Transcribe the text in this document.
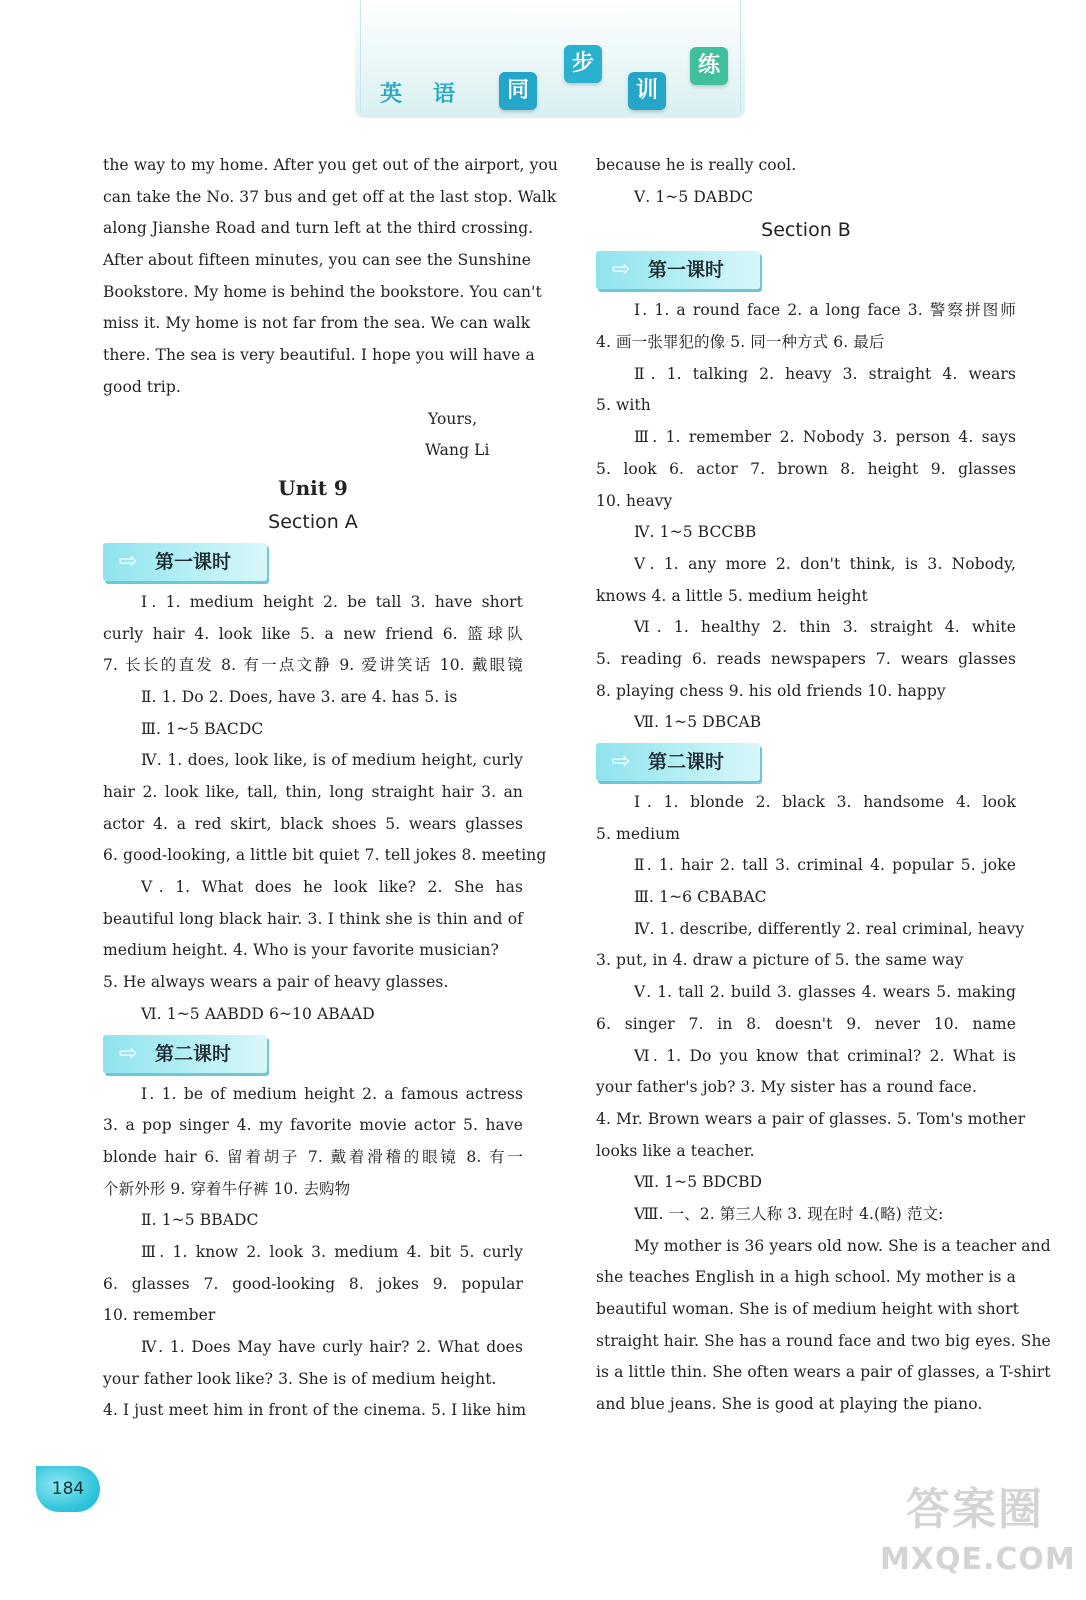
英 语	同
步
训
练
the way to my home. After you get out of the airport, you
can take the No. 37 bus and get off at the last stop. Walk
along Jianshe Road and turn left at the third crossing.
After about fifteen minutes, you can see the Sunshine
Bookstore. My home is behind the bookstore. You can't
miss it. My home is not far from the sea. We can walk
there. The sea is very beautiful. I hope you will have a
good trip.
Yours,
Wang Li
Unit 9
Section A
⇨ 第一课时
Ⅰ. 1. medium height 2. be tall 3. have short
curly hair 4. look like 5. a new friend 6. 篮球队
7. 长长的直发 8. 有一点文静 9. 爱讲笑话 10. 戴眼镜
Ⅱ. 1. Do 2. Does, have 3. are 4. has 5. is
Ⅲ. 1~5 BACDC
Ⅳ. 1. does, look like, is of medium height, curly
hair 2. look like, tall, thin, long straight hair 3. an
actor 4. a red skirt, black shoes 5. wears glasses
6. good-looking, a little bit quiet 7. tell jokes 8. meeting
Ⅴ. 1. What does he look like? 2. She has
beautiful long black hair. 3. I think she is thin and of
medium height. 4. Who is your favorite musician?
5. He always wears a pair of heavy glasses.
Ⅵ. 1~5 AABDD 6~10 ABAAD
⇨ 第二课时
Ⅰ. 1. be of medium height 2. a famous actress
3. a pop singer 4. my favorite movie actor 5. have
blonde hair 6. 留着胡子 7. 戴着滑稽的眼镜 8. 有一
个新外形 9. 穿着牛仔裤 10. 去购物
Ⅱ. 1~5 BBADC
Ⅲ. 1. know 2. look 3. medium 4. bit 5. curly
6. glasses 7. good-looking 8. jokes 9. popular
10. remember
Ⅳ. 1. Does May have curly hair? 2. What does
your father look like? 3. She is of medium height.
4. I just meet him in front of the cinema. 5. I like him
because he is really cool.
Ⅴ. 1~5 DABDC
Section B
⇨ 第一课时
Ⅰ. 1. a round face 2. a long face 3. 警察拼图师
4. 画一张罪犯的像 5. 同一种方式 6. 最后
Ⅱ. 1. talking 2. heavy 3. straight 4. wears
5. with
Ⅲ. 1. remember 2. Nobody 3. person 4. says
5. look 6. actor 7. brown 8. height 9. glasses
10. heavy
Ⅳ. 1~5 BCCBB
Ⅴ. 1. any more 2. don't think, is 3. Nobody,
knows 4. a little 5. medium height
Ⅵ. 1. healthy 2. thin 3. straight 4. white
5. reading 6. reads newspapers 7. wears glasses
8. playing chess 9. his old friends 10. happy
Ⅶ. 1~5 DBCAB
⇨ 第二课时
Ⅰ. 1. blonde 2. black 3. handsome 4. look
5. medium
Ⅱ. 1. hair 2. tall 3. criminal 4. popular 5. joke
Ⅲ. 1~6 CBABAC
Ⅳ. 1. describe, differently 2. real criminal, heavy
3. put, in 4. draw a picture of 5. the same way
Ⅴ. 1. tall 2. build 3. glasses 4. wears 5. making
6. singer 7. in 8. doesn't 9. never 10. name
Ⅵ. 1. Do you know that criminal? 2. What is
your father's job? 3. My sister has a round face.
4. Mr. Brown wears a pair of glasses. 5. Tom's mother
looks like a teacher.
Ⅶ. 1~5 BDCBD
Ⅷ. 一、2. 第三人称 3. 现在时 4.(略) 范文:
My mother is 36 years old now. She is a teacher and
she teaches English in a high school. My mother is a
beautiful woman. She is of medium height with short
straight hair. She has a round face and two big eyes. She
is a little thin. She often wears a pair of glasses, a T-shirt
and blue jeans. She is good at playing the piano.
184	答案圈
MXQE.COM
